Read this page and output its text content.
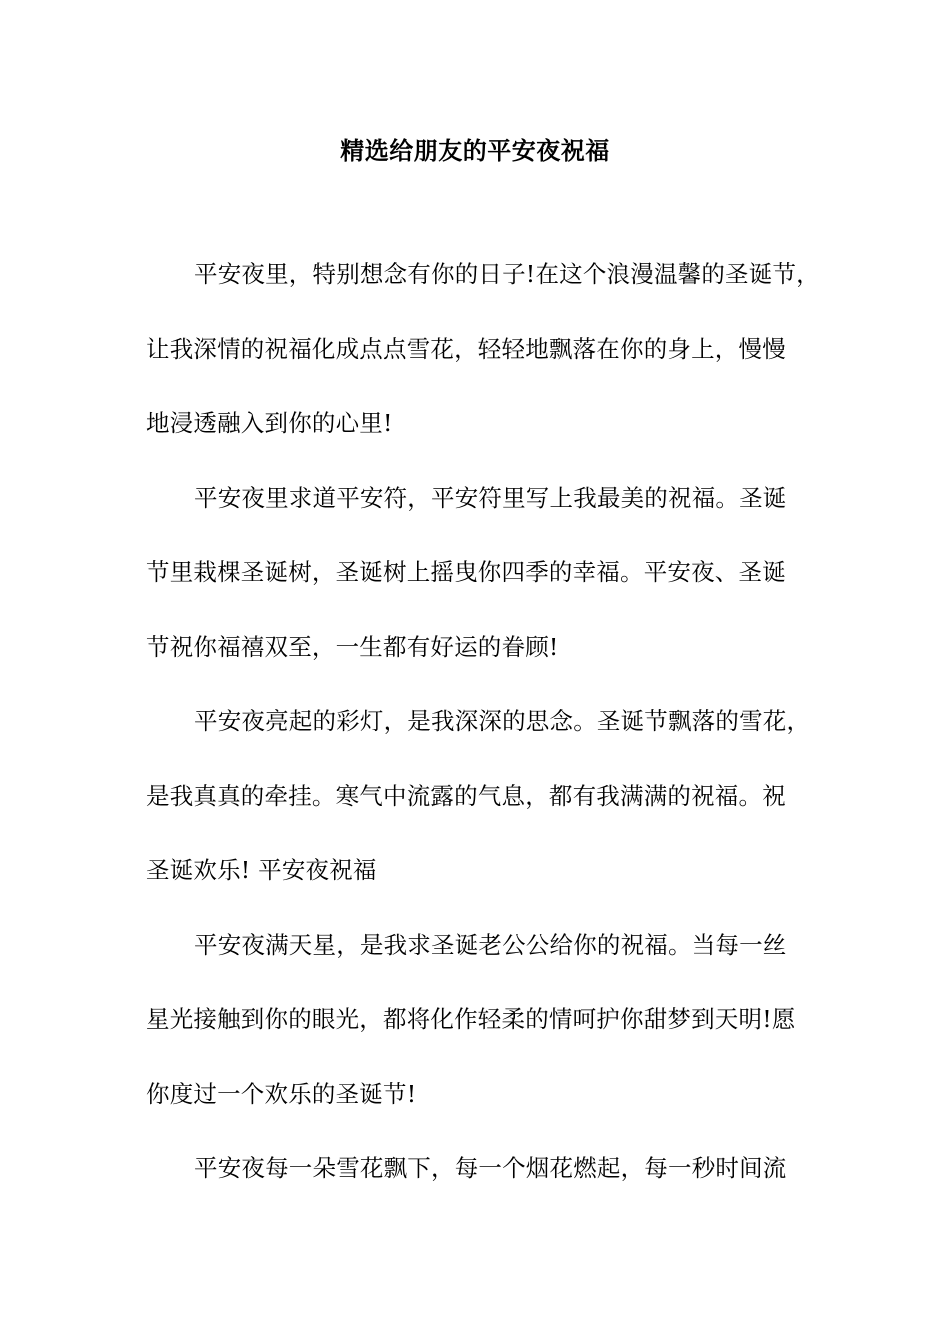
精选给朋友的平安夜祝福
平安夜里，特别想念有你的日子!在这个浪漫温馨的圣诞节，
让我深情的祝福化成点点雪花，轻轻地飘落在你的身上，慢慢
地浸透融入到你的心里!
平安夜里求道平安符，平安符里写上我最美的祝福。圣诞
节里栽棵圣诞树，圣诞树上摇曳你四季的幸福。平安夜、圣诞
节祝你福禧双至，一生都有好运的眷顾!
平安夜亮起的彩灯，是我深深的思念。圣诞节飘落的雪花，
是我真真的牵挂。寒气中流露的气息，都有我满满的祝福。祝
圣诞欢乐! 平安夜祝福
平安夜满天星，是我求圣诞老公公给你的祝福。当每一丝
星光接触到你的眼光，都将化作轻柔的情呵护你甜梦到天明!愿
你度过一个欢乐的圣诞节!
平安夜每一朵雪花飘下，每一个烟花燃起，每一秒时间流
